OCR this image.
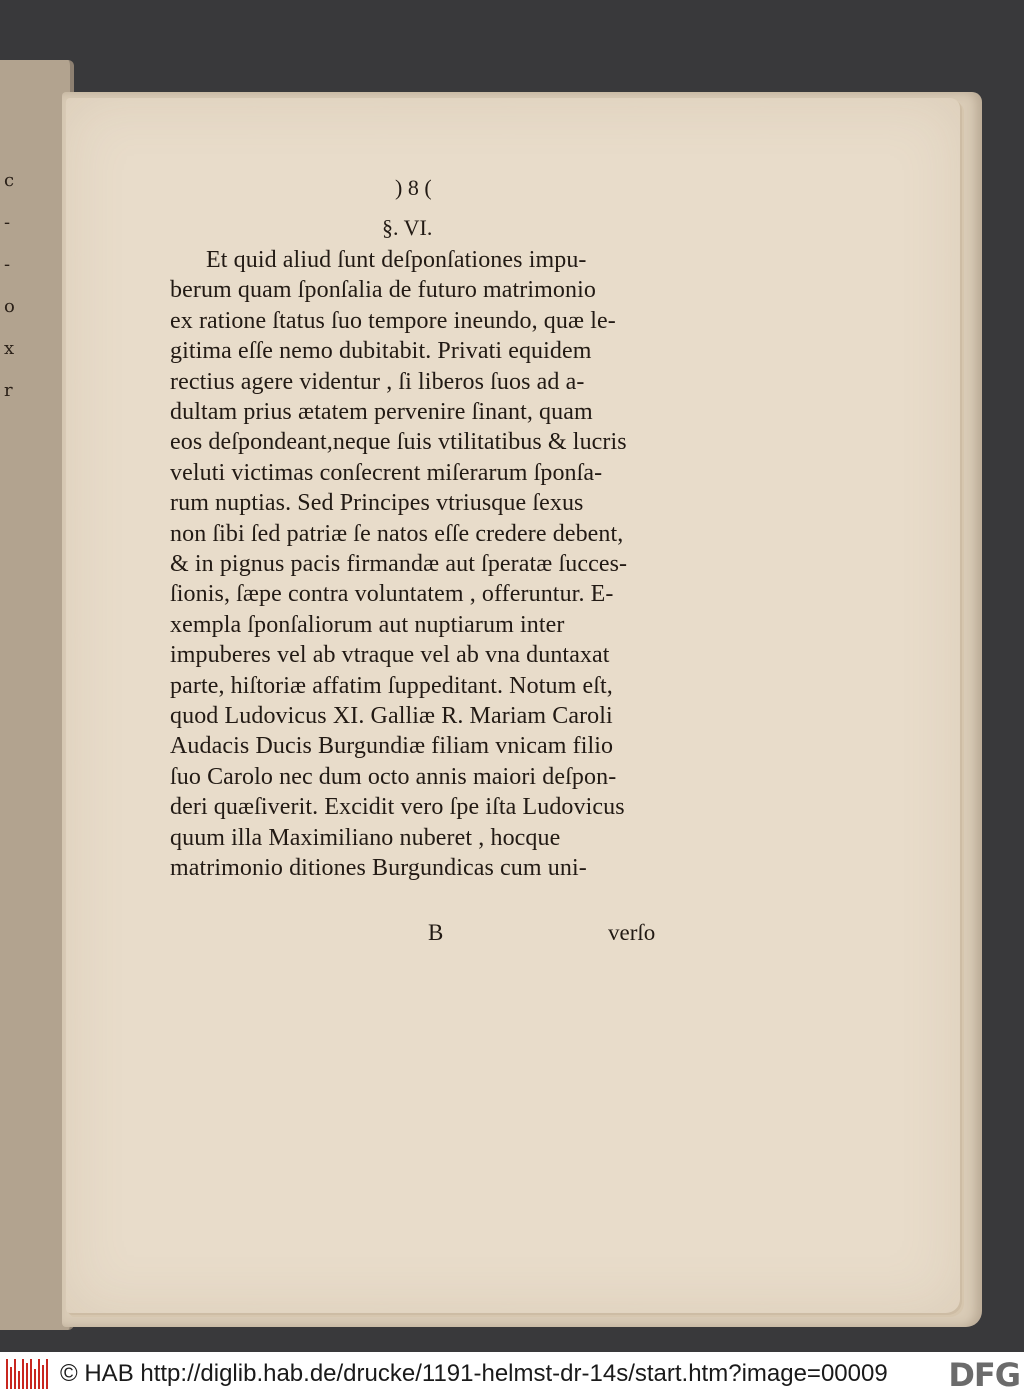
c
-
-
o
x
r
) 8 (
§. VI.
Et quid aliud ſunt deſponſationes impu-
berum quam ſponſalia de futuro matrimonio
ex ratione ſtatus ſuo tempore ineundo, quæ le-
gitima eſſe nemo dubitabit. Privati equidem
rectius agere videntur , ſi liberos ſuos ad a-
dultam prius ætatem pervenire ſinant, quam
eos deſpondeant,neque ſuis vtilitatibus & lucris
veluti victimas conſecrent miſerarum ſponſa-
rum nuptias. Sed Principes vtriusque ſexus
non ſibi ſed patriæ ſe natos eſſe credere debent,
& in pignus pacis firmandæ aut ſperatæ ſucces-
ſionis, ſæpe contra voluntatem , offeruntur. E-
xempla ſponſaliorum aut nuptiarum inter
impuberes vel ab vtraque vel ab vna duntaxat
parte, hiſtoriæ affatim ſuppeditant. Notum eſt,
quod Ludovicus XI. Galliæ R. Mariam Caroli
Audacis Ducis Burgundiæ filiam vnicam filio
ſuo Carolo nec dum octo annis maiori deſpon-
deri quæſiverit. Excidit vero ſpe iſta Ludovicus
quum illa Maximiliano nuberet , hocque
matrimonio ditiones Burgundicas cum uni-
B	verſo
© HAB http://diglib.hab.de/drucke/1191-helmst-dr-14s/start.htm?image=00009	DFG
